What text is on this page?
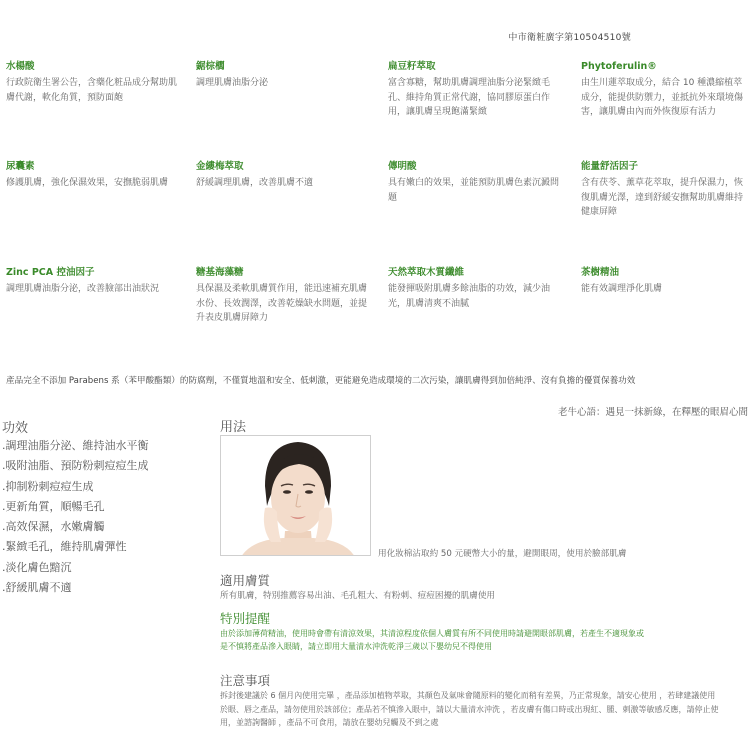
中市衛粧廣字第10504510號
水楊酸
行政院衛生署公告，含藥化粧品成分幫助肌膚代謝，軟化角質，預防面皰
鋸棕櫚
調理肌膚油脂分泌
扁豆籽萃取
富含寡糖，幫助肌膚調理油脂分泌緊緻毛孔、維持角質正常代謝，協同膠原蛋白作用，讓肌膚呈現飽滿緊緻
Phytoferulin®
由生川蓮萃取成分，結合 10 種濃縮植萃成分，能提供防禦力，並抵抗外來環境傷害，讓肌膚由內而外恢復原有活力
尿囊素
修護肌膚，強化保濕效果，安撫脆弱肌膚
金縷梅萃取
舒緩調理肌膚，改善肌膚不適
傳明酸
具有嫩白的效果，並能預防肌膚色素沉澱問題
能量舒活因子
含有茯苓、薰草花萃取，提升保濕力，恢復肌膚光澤，達到舒緩安撫幫助肌膚維持健康屏障
Zinc PCA 控油因子
調理肌膚油脂分泌，改善臉部出油狀況
糖基海藻糖
具保濕及柔軟肌膚質作用，能迅速補充肌膚水份、長效潤澤，改善乾燥缺水問題，並提升表皮肌膚屏障力
天然萃取木質纖維
能發揮吸附肌膚多餘油脂的功效，減少油光，肌膚清爽不油膩
茶樹精油
能有效調理淨化肌膚
產品完全不添加 Parabens 系（苯甲酸酯類）的防腐劑，不僅質地溫和安全、低刺激，更能避免造成環境的二次污染，讓肌膚得到加倍純淨、沒有負擔的優質保養功效
老牛心語：遇見一抹新綠，在釋壓的眼眉心間
功效
.調理油脂分泌、維持油水平衡
.吸附油脂、預防粉刺痘痘生成
.抑制粉刺痘痘生成
.更新角質，順暢毛孔
.高效保濕，水嫩膚觸
.緊緻毛孔，維持肌膚彈性
.淡化膚色黯沉
.舒緩肌膚不適
用法
用化妝棉沾取約 50 元硬幣大小的量，避開眼周，使用於臉部肌膚
適用膚質
所有肌膚，特別推薦容易出油、毛孔粗大、有粉刺、痘痘困擾的肌膚使用
特別提醒
由於添加薄荷精油，使用時會帶有清涼效果，其清涼程度依個人膚質有所不同使用時請避開眼部肌膚，若產生不適現象或是不慎將產品滲入眼睛，請立即用大量清水沖洗乾淨三歲以下嬰幼兒不得使用
注意事項
拆封後建議於 6 個月內使用完畢 ，產品添加植物萃取，其顏色及氣味會隨原料的變化而稍有差異，乃正常現象，請安心使用 ，若肆建議使用於眼、唇之產品，請勿使用於該部位；產品若不慎滲入眼中，請以大量清水沖洗 ，若皮膚有傷口時或出現紅、腫、刺激等敏感反應，請停止使用，並諮詢醫師 ，產品不可食用，請放在嬰幼兒觸及不到之處
